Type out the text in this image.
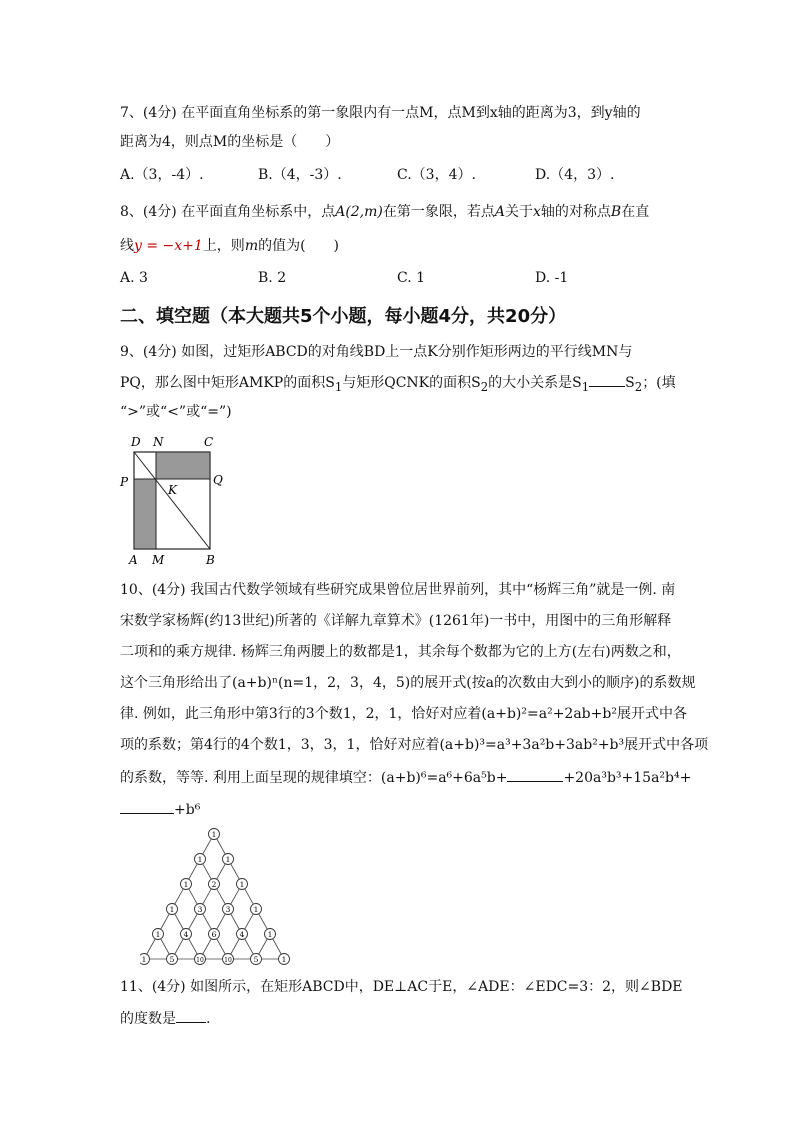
7、(4分) 在平面直角坐标系的第一象限内有一点M，点M到x轴的距离为3，到y轴的
距离为4，则点M的坐标是（　　）
A.（3，-4）.	B.（4，-3）.	C.（3，4）.	D.（4，3）.
8、(4分) 在平面直角坐标系中，点A(2,m)在第一象限，若点A关于x轴的对称点B在直
线y = −x+1上，则m的值为(　　)
A. 3	B. 2	C. 1	D. -1
二、填空题（本大题共5个小题，每小题4分，共20分）
9、(4分) 如图，过矩形ABCD的对角线BD上一点K分别作矩形两边的平行线MN与
PQ，那么图中矩形AMKP的面积$S_1$与矩形QCNK的面积$S_2$的大小关系是$S_1$	$S_2$；(填
“>”或“<”或“=”)
D N	C
P
K
Q
A M	B
10、(4分) 我国古代数学领域有些研究成果曾位居世界前列，其中“杨辉三角”就是一例. 南
宋数学家杨辉(约13世纪)所著的《详解九章算术》(1261年)一书中，用图中的三角形解释
二项和的乘方规律. 杨辉三角两腰上的数都是1，其余每个数都为它的上方(左右)两数之和，
这个三角形给出了(a+b)ⁿ(n=1，2，3，4，5)的展开式(按a的次数由大到小的顺序)的系数规
律. 例如，此三角形中第3行的3个数1，2，1，恰好对应着(a+b)²=a²+2ab+b²展开式中各
项的系数；第4行的4个数1，3，3，1，恰好对应着(a+b)³=a³+3a²b+3ab²+b³展开式中各项
的系数，等等. 利用上面呈现的规律填空：(a+b)⁶=a⁶+6a⁵b+	+20a³b³+15a²b⁴+
+b⁶
1
1	1
1	2	1
1	3	3	1
1	4	6	4	1
1	5	10	10	5	1
11、(4分) 如图所示，在矩形ABCD中，DE⊥AC于E，∠ADE：∠EDC=3：2，则∠BDE
的度数是 .
